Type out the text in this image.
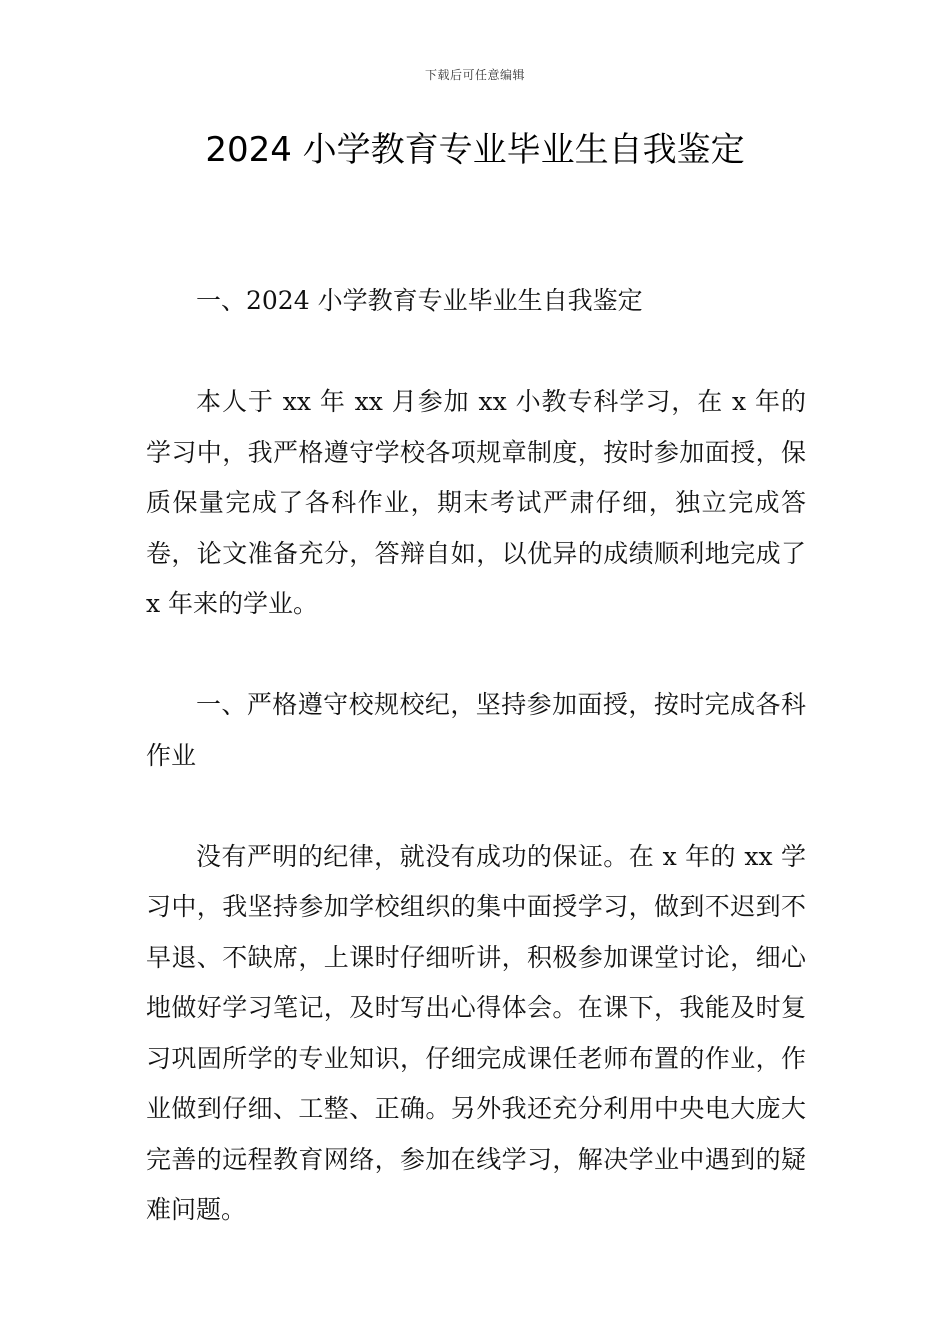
下载后可任意编辑
2024 小学教育专业毕业生自我鉴定

一、2024 小学教育专业毕业生自我鉴定

本人于 xx 年 xx 月参加 xx 小教专科学习，在 x 年的学习中，我严格遵守学校各项规章制度，按时参加面授，保质保量完成了各科作业，期末考试严肃仔细，独立完成答卷，论文准备充分，答辩自如，以优异的成绩顺利地完成了 x 年来的学业。

一、严格遵守校规校纪，坚持参加面授，按时完成各科作业

没有严明的纪律，就没有成功的保证。在 x 年的 xx 学习中，我坚持参加学校组织的集中面授学习，做到不迟到不早退、不缺席，上课时仔细听讲，积极参加课堂讨论，细心地做好学习笔记，及时写出心得体会。在课下，我能及时复习巩固所学的专业知识，仔细完成课任老师布置的作业，作业做到仔细、工整、正确。另外我还充分利用中央电大庞大完善的远程教育网络，参加在线学习，解决学业中遇到的疑难问题。
